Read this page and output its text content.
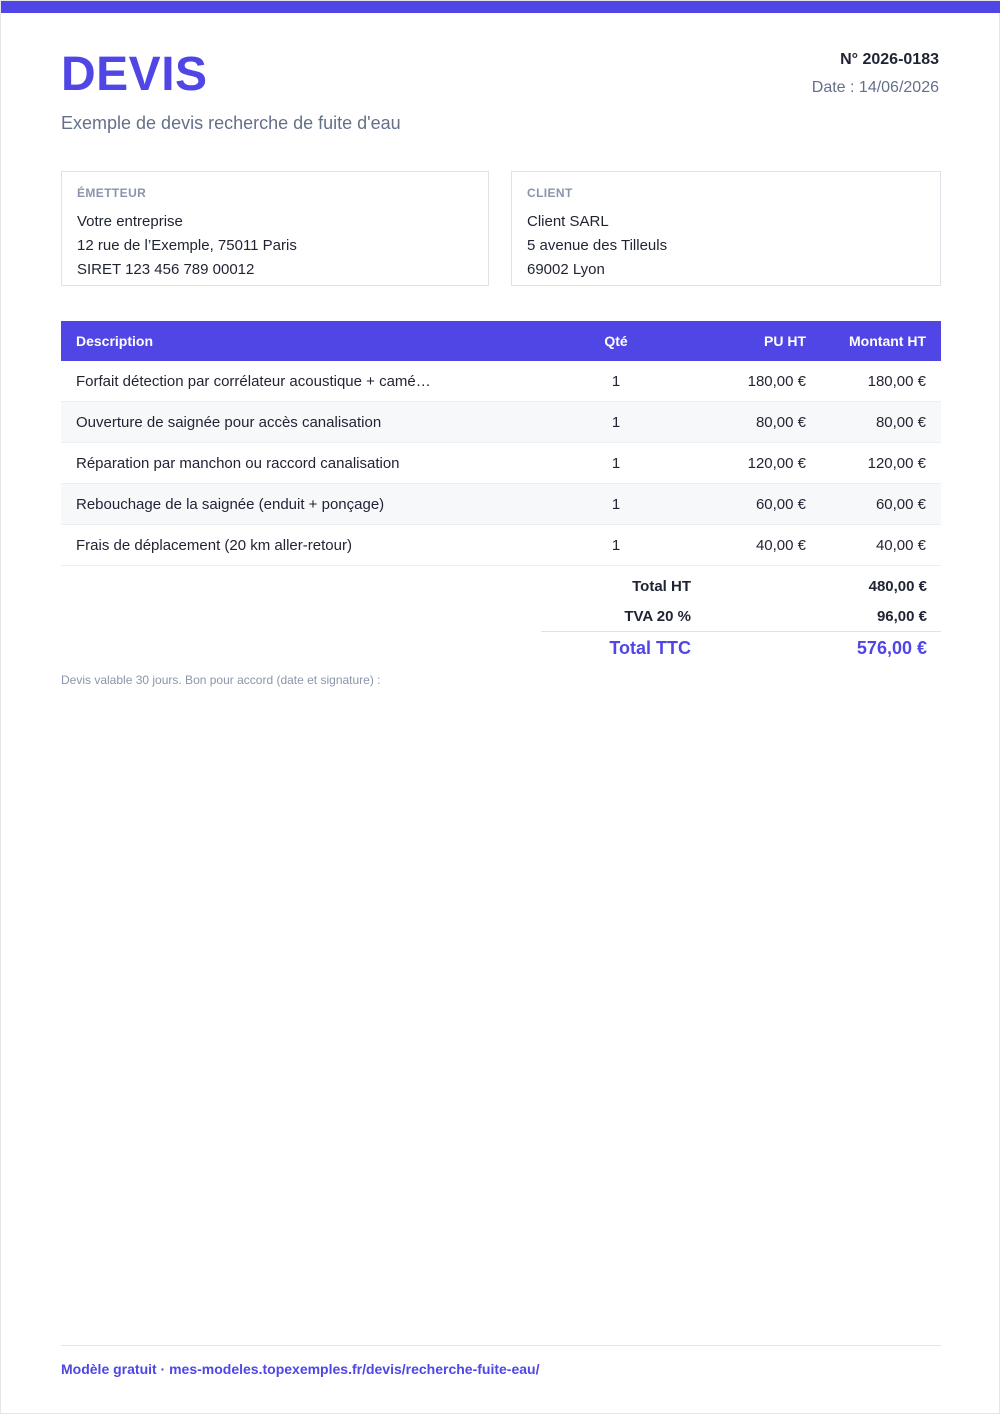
DEVIS
Exemple de devis recherche de fuite d'eau
N° 2026-0183
Date : 14/06/2026
ÉMETTEUR
Votre entreprise
12 rue de l’Exemple, 75011 Paris
SIRET 123 456 789 00012
CLIENT
Client SARL
5 avenue des Tilleuls
69002 Lyon
Description	Qté	PU HT	Montant HT
Forfait détection par corrélateur acoustique + camé…	1	180,00 €	180,00 €
Ouverture de saignée pour accès canalisation	1	80,00 €	80,00 €
Réparation par manchon ou raccord canalisation	1	120,00 €	120,00 €
Rebouchage de la saignée (enduit + ponçage)	1	60,00 €	60,00 €
Frais de déplacement (20 km aller-retour)	1	40,00 €	40,00 €
Total HT	480,00 €
TVA 20 %	96,00 €
Total TTC	576,00 €
Devis valable 30 jours. Bon pour accord (date et signature) :
Modèle gratuit · mes-modeles.topexemples.fr/devis/recherche-fuite-eau/
